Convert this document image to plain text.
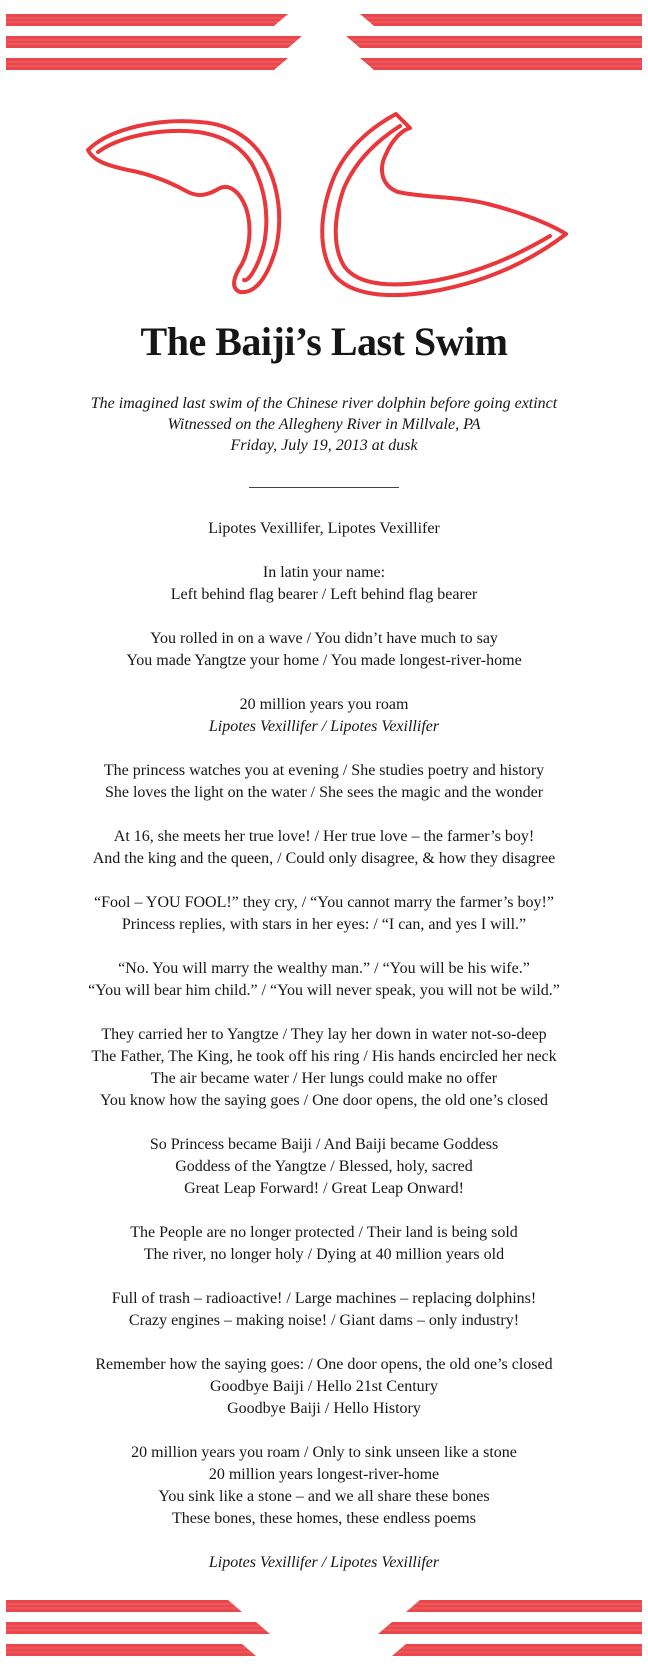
The Baiji’s Last Swim
The imagined last swim of the Chinese river dolphin before going extinct
Witnessed on the Allegheny River in Millvale, PA
Friday, July 19, 2013 at dusk
Lipotes Vexillifer, Lipotes Vexillifer
In latin your name:
Left behind flag bearer / Left behind flag bearer
You rolled in on a wave / You didn’t have much to say
You made Yangtze your home / You made longest-river-home
20 million years you roam
Lipotes Vexillifer / Lipotes Vexillifer
The princess watches you at evening / She studies poetry and history
She loves the light on the water / She sees the magic and the wonder
At 16, she meets her true love! / Her true love – the farmer’s boy!
And the king and the queen, / Could only disagree, & how they disagree
“Fool – YOU FOOL!” they cry, / “You cannot marry the farmer’s boy!”
Princess replies, with stars in her eyes: / “I can, and yes I will.”
“No. You will marry the wealthy man.” / “You will be his wife.”
“You will bear him child.” / “You will never speak, you will not be wild.”
They carried her to Yangtze / They lay her down in water not-so-deep
The Father, The King, he took off his ring / His hands encircled her neck
The air became water / Her lungs could make no offer
You know how the saying goes / One door opens, the old one’s closed
So Princess became Baiji / And Baiji became Goddess
Goddess of the Yangtze / Blessed, holy, sacred
Great Leap Forward! / Great Leap Onward!
The People are no longer protected / Their land is being sold
The river, no longer holy / Dying at 40 million years old
Full of trash – radioactive! / Large machines – replacing dolphins!
Crazy engines – making noise! / Giant dams – only industry!
Remember how the saying goes: / One door opens, the old one’s closed
Goodbye Baiji / Hello 21st Century
Goodbye Baiji / Hello History
20 million years you roam / Only to sink unseen like a stone
20 million years longest-river-home
You sink like a stone – and we all share these bones
These bones, these homes, these endless poems
Lipotes Vexillifer / Lipotes Vexillifer
